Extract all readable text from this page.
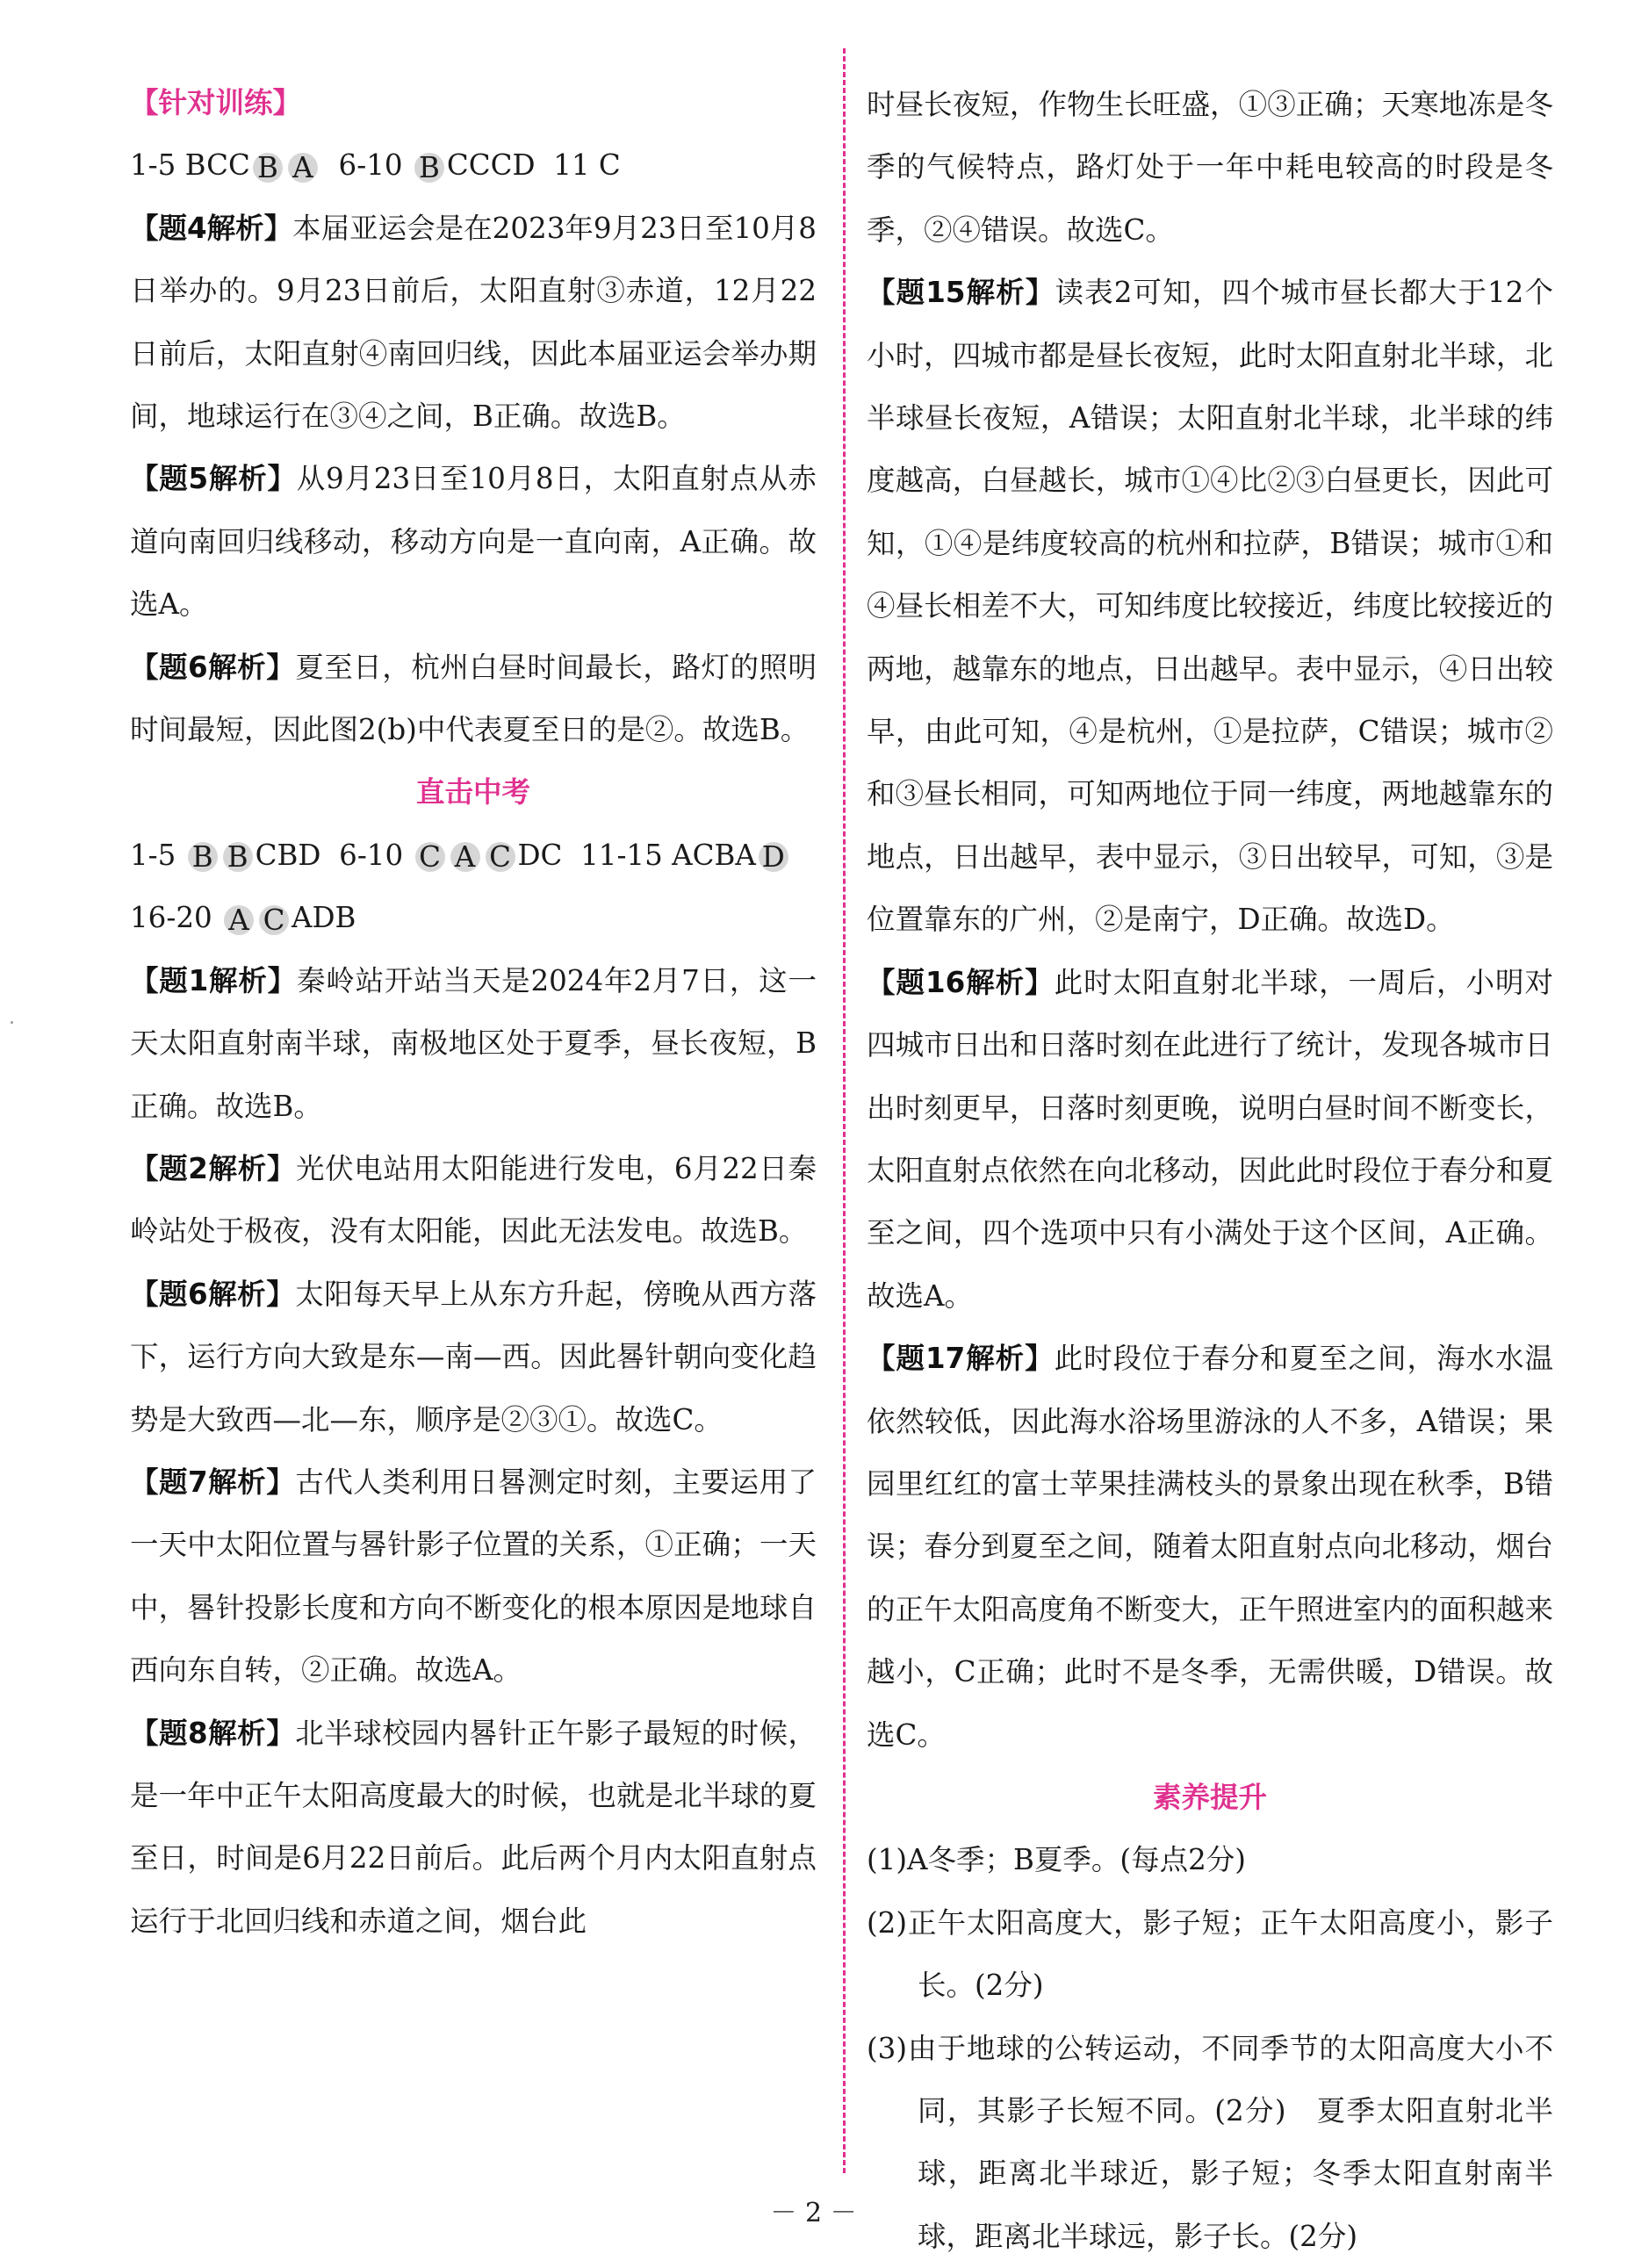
【针对训练】
1-5 BCC B A  6-10 B CCCD  11 C
【题4解析】本届亚运会是在2023年9月23日至10月8日举办的。9月23日前后，太阳直射③赤道，12月22日前后，太阳直射④南回归线，因此本届亚运会举办期间，地球运行在③④之间，B正确。故选B。
【题5解析】从9月23日至10月8日，太阳直射点从赤道向南回归线移动，移动方向是一直向南，A正确。故选A。
【题6解析】夏至日，杭州白昼时间最长，路灯的照明时间最短，因此图2(b)中代表夏至日的是②。故选B。
直击中考
1-5 B B CBD  6-10 C A C DC  11-15 ACBA D
16-20 A C ADB
【题1解析】秦岭站开站当天是2024年2月7日，这一天太阳直射南半球，南极地区处于夏季，昼长夜短，B正确。故选B。
【题2解析】光伏电站用太阳能进行发电，6月22日秦岭站处于极夜，没有太阳能，因此无法发电。故选B。
【题6解析】太阳每天早上从东方升起，傍晚从西方落下，运行方向大致是东—南—西。因此晷针朝向变化趋势是大致西—北—东，顺序是②③①。故选C。
【题7解析】古代人类利用日晷测定时刻，主要运用了一天中太阳位置与晷针影子位置的关系，①正确；一天中，晷针投影长度和方向不断变化的根本原因是地球自西向东自转，②正确。故选A。
【题8解析】北半球校园内晷针正午影子最短的时候，是一年中正午太阳高度最大的时候，也就是北半球的夏至日，时间是6月22日前后。此后两个月内太阳直射点运行于北回归线和赤道之间，烟台此
时昼长夜短，作物生长旺盛，①③正确；天寒地冻是冬季的气候特点，路灯处于一年中耗电较高的时段是冬季，②④错误。故选C。
【题15解析】读表2可知，四个城市昼长都大于12个小时，四城市都是昼长夜短，此时太阳直射北半球，北半球昼长夜短，A错误；太阳直射北半球，北半球的纬度越高，白昼越长，城市①④比②③白昼更长，因此可知，①④是纬度较高的杭州和拉萨，B错误；城市①和④昼长相差不大，可知纬度比较接近，纬度比较接近的两地，越靠东的地点，日出越早。表中显示，④日出较早，由此可知，④是杭州，①是拉萨，C错误；城市②和③昼长相同，可知两地位于同一纬度，两地越靠东的地点，日出越早，表中显示，③日出较早，可知，③是位置靠东的广州，②是南宁，D正确。故选D。
【题16解析】此时太阳直射北半球，一周后，小明对四城市日出和日落时刻在此进行了统计，发现各城市日出时刻更早，日落时刻更晚，说明白昼时间不断变长，太阳直射点依然在向北移动，因此此时段位于春分和夏至之间，四个选项中只有小满处于这个区间，A正确。故选A。
【题17解析】此时段位于春分和夏至之间，海水水温依然较低，因此海水浴场里游泳的人不多，A错误；果园里红红的富士苹果挂满枝头的景象出现在秋季，B错误；春分到夏至之间，随着太阳直射点向北移动，烟台的正午太阳高度角不断变大，正午照进室内的面积越来越小，C正确；此时不是冬季，无需供暖，D错误。故选C。
素养提升
(1)A冬季；B夏季。(每点2分)
(2)正午太阳高度大，影子短；正午太阳高度小，影子长。(2分)
(3)由于地球的公转运动，不同季节的太阳高度大小不同，其影子长短不同。(2分)　夏季太阳直射北半球，距离北半球近，影子短；冬季太阳直射南半球，距离北半球远，影子长。(2分)
－ 2 －
